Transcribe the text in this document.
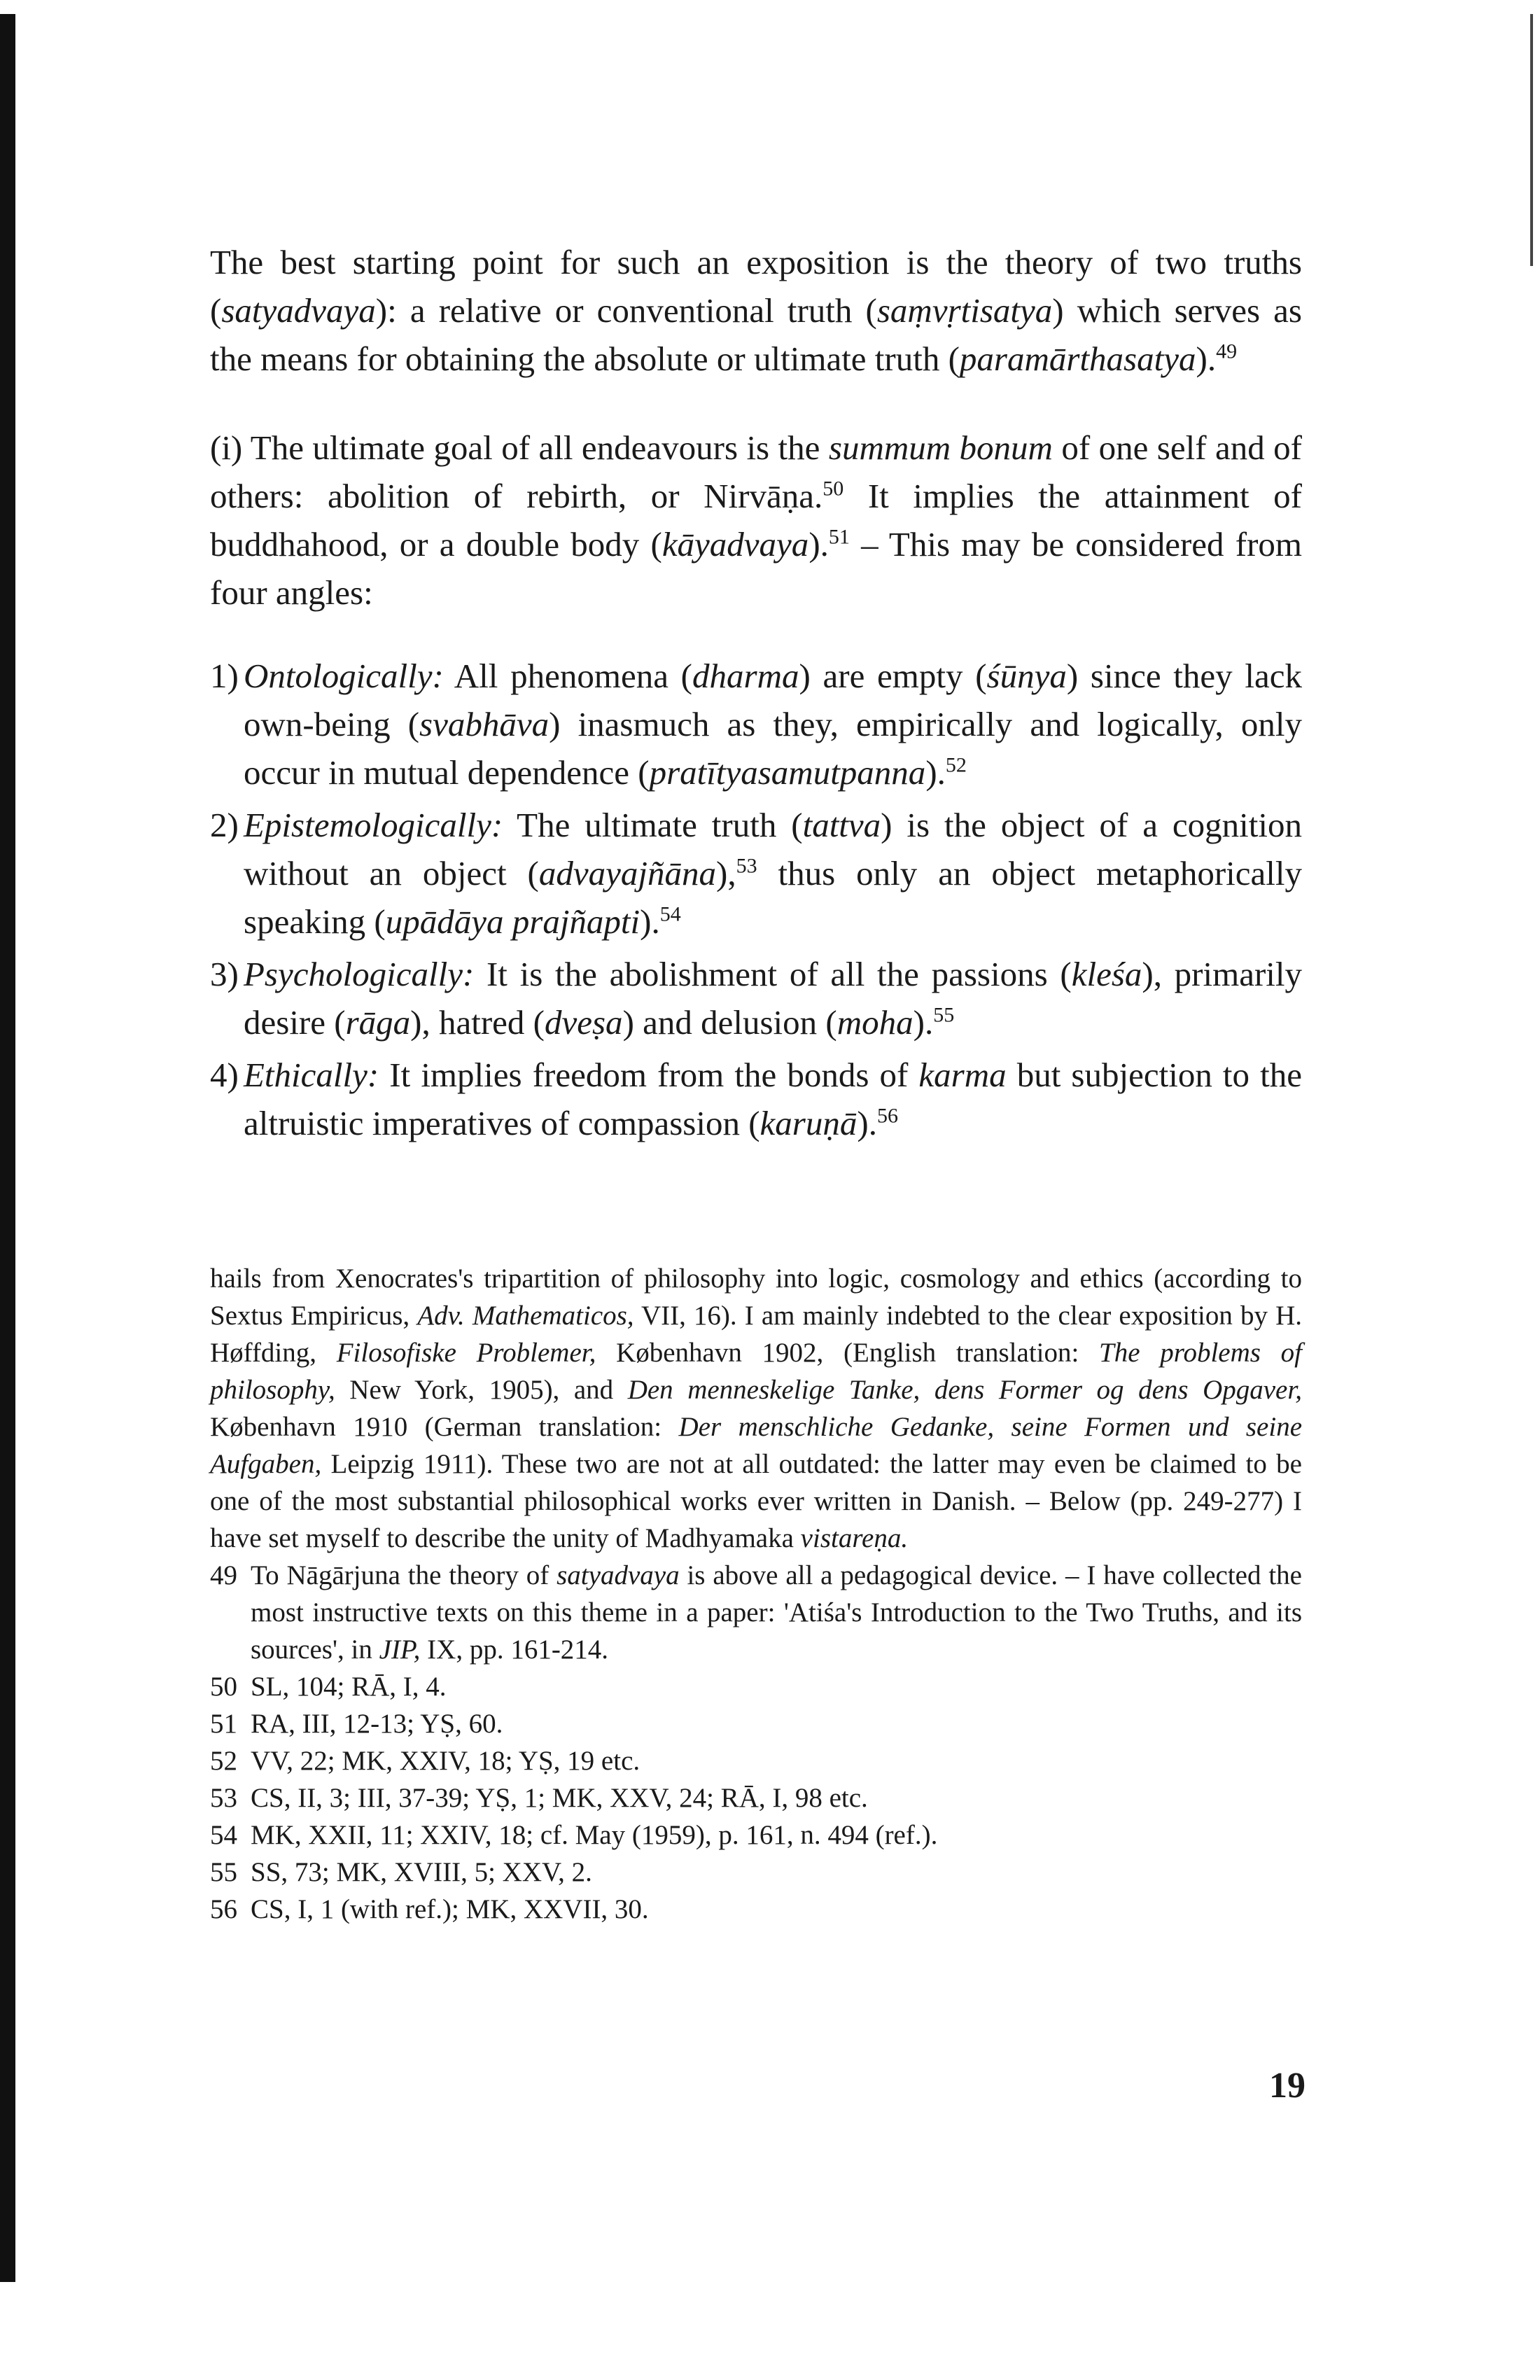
The best starting point for such an exposition is the theory of two truths (satyadvaya): a relative or conventional truth (saṃvṛtisatya) which serves as the means for obtaining the absolute or ultimate truth (paramārthasatya).$^{49}$

(i) The ultimate goal of all endeavours is the summum bonum of one self and of others: abolition of rebirth, or Nirvāṇa.$^{50}$ It implies the attainment of buddhahood, or a double body (kāyadvaya).$^{51}$ – This may be considered from four angles:

1) Ontologically: All phenomena (dharma) are empty (śūnya) since they lack own-being (svabhāva) inasmuch as they, empirically and logically, only occur in mutual dependence (pratītyasamutpanna).$^{52}$

2) Epistemologically: The ultimate truth (tattva) is the object of a cognition without an object (advayajñāna),$^{53}$ thus only an object metaphorically speaking (upādāya prajñapti).$^{54}$

3) Psychologically: It is the abolishment of all the passions (kleśa), primarily desire (rāga), hatred (dveṣa) and delusion (moha).$^{55}$

4) Ethically: It implies freedom from the bonds of karma but subjection to the altruistic imperatives of compassion (karuṇā).$^{56}$

hails from Xenocrates's tripartition of philosophy into logic, cosmology and ethics (according to Sextus Empiricus, Adv. Mathematicos, VII, 16). I am mainly indebted to the clear exposition by H. Høffding, Filosofiske Problemer, København 1902, (English translation: The problems of philosophy, New York, 1905), and Den menneskelige Tanke, dens Former og dens Opgaver, København 1910 (German translation: Der menschliche Gedanke, seine Formen und seine Aufgaben, Leipzig 1911). These two are not at all outdated: the latter may even be claimed to be one of the most substantial philosophical works ever written in Danish. – Below (pp. 249-277) I have set myself to describe the unity of Madhyamaka vistareṇa.

49 To Nāgārjuna the theory of satyadvaya is above all a pedagogical device. – I have collected the most instructive texts on this theme in a paper: 'Atiśa's Introduction to the Two Truths, and its sources', in JIP, IX, pp. 161-214.

50 SL, 104; RĀ, I, 4.

51 RA, III, 12-13; YṢ, 60.

52 VV, 22; MK, XXIV, 18; YṢ, 19 etc.

53 CS, II, 3; III, 37-39; YṢ, 1; MK, XXV, 24; RĀ, I, 98 etc.

54 MK, XXII, 11; XXIV, 18; cf. May (1959), p. 161, n. 494 (ref.).

55 SS, 73; MK, XVIII, 5; XXV, 2.

56 CS, I, 1 (with ref.); MK, XXVII, 30.

19
